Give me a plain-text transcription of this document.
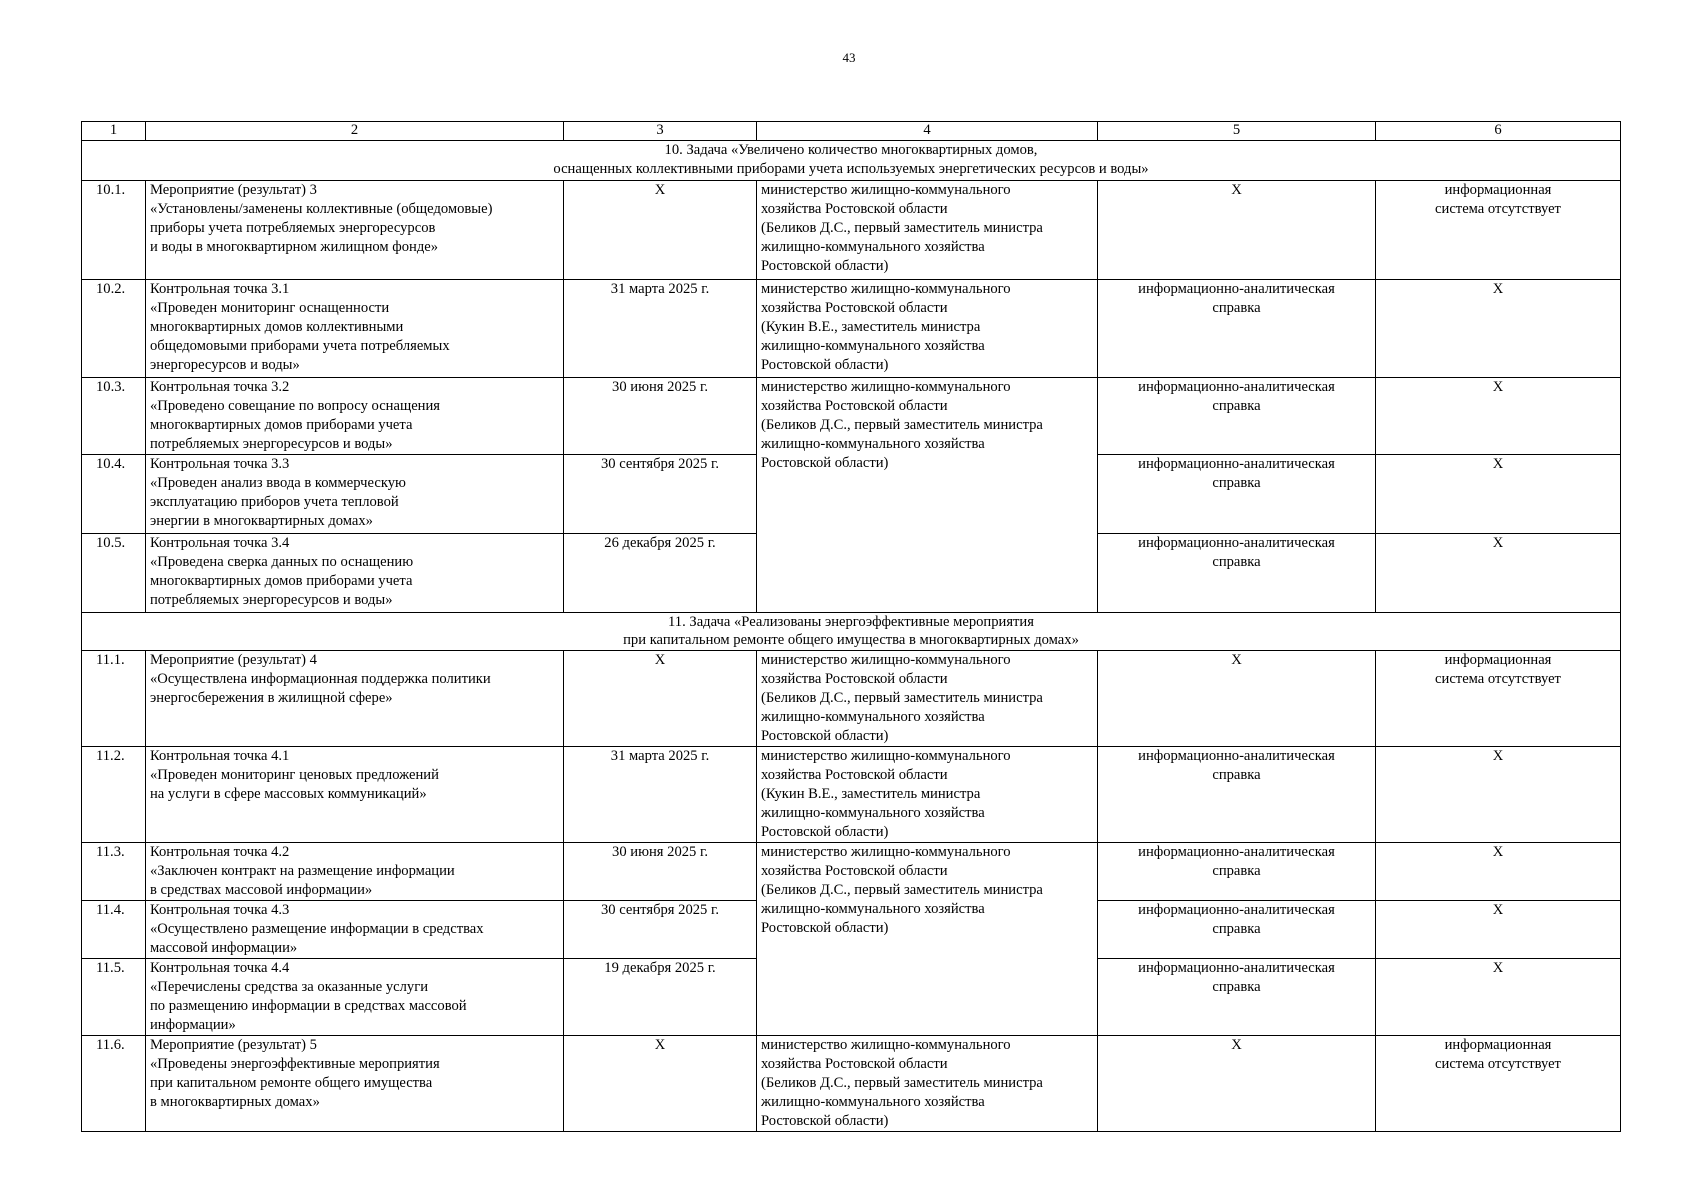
43
1	2	3	4	5	6
10. Задача «Увеличено количество многоквартирных домов,
оснащенных коллективными приборами учета используемых энергетических ресурсов и воды»					
10.1.	Мероприятие (результат) 3
«Установлены/заменены коллективные (общедомовые)
приборы учета потребляемых энергоресурсов
и воды в многоквартирном жилищном фонде»	X	министерство жилищно-коммунального
хозяйства Ростовской области
(Беликов Д.С., первый заместитель министра
жилищно-коммунального хозяйства
Ростовской области)	X	информационная
система отсутствует
10.2.	Контрольная точка 3.1
«Проведен мониторинг оснащенности
многоквартирных домов коллективными
общедомовыми приборами учета потребляемых
энергоресурсов и воды»	31 марта 2025 г.	министерство жилищно-коммунального
хозяйства Ростовской области
(Кукин В.Е., заместитель министра
жилищно-коммунального хозяйства
Ростовской области)	информационно-аналитическая
справка	X
10.3.	Контрольная точка 3.2
«Проведено совещание по вопросу оснащения
многоквартирных домов приборами учета
потребляемых энергоресурсов и воды»	30 июня 2025 г.	министерство жилищно-коммунального
хозяйства Ростовской области
(Беликов Д.С., первый заместитель министра
жилищно-коммунального хозяйства
Ростовской области)	информационно-аналитическая
справка	X
10.4.	Контрольная точка 3.3
«Проведен анализ ввода в коммерческую
эксплуатацию приборов учета тепловой
энергии в многоквартирных домах»	30 сентября 2025 г.		информационно-аналитическая
справка	X
10.5.	Контрольная точка 3.4
«Проведена сверка данных по оснащению
многоквартирных домов приборами учета
потребляемых энергоресурсов и воды»	26 декабря 2025 г.		информационно-аналитическая
справка	X
11. Задача «Реализованы энергоэффективные мероприятия
при капитальном ремонте общего имущества в многоквартирных домах»					
11.1.	Мероприятие (результат) 4
«Осуществлена информационная поддержка политики
энергосбережения в жилищной сфере»	X	министерство жилищно-коммунального
хозяйства Ростовской области
(Беликов Д.С., первый заместитель министра
жилищно-коммунального хозяйства
Ростовской области)	X	информационная
система отсутствует
11.2.	Контрольная точка 4.1
«Проведен мониторинг ценовых предложений
на услуги в сфере массовых коммуникаций»	31 марта 2025 г.	министерство жилищно-коммунального
хозяйства Ростовской области
(Кукин В.Е., заместитель министра
жилищно-коммунального хозяйства
Ростовской области)	информационно-аналитическая
справка	X
11.3.	Контрольная точка 4.2
«Заключен контракт на размещение информации
в средствах массовой информации»	30 июня 2025 г.	министерство жилищно-коммунального
хозяйства Ростовской области
(Беликов Д.С., первый заместитель министра
жилищно-коммунального хозяйства
Ростовской области)	информационно-аналитическая
справка	X
11.4.	Контрольная точка 4.3
«Осуществлено размещение информации в средствах
массовой информации»	30 сентября 2025 г.		информационно-аналитическая
справка	X
11.5.	Контрольная точка 4.4
«Перечислены средства за оказанные услуги
по размещению информации в средствах массовой
информации»	19 декабря 2025 г.		информационно-аналитическая
справка	X
11.6.	Мероприятие (результат) 5
«Проведены энергоэффективные мероприятия
при капитальном ремонте общего имущества
в многоквартирных домах»	X	министерство жилищно-коммунального
хозяйства Ростовской области
(Беликов Д.С., первый заместитель министра
жилищно-коммунального хозяйства
Ростовской области)	X	информационная
система отсутствует
